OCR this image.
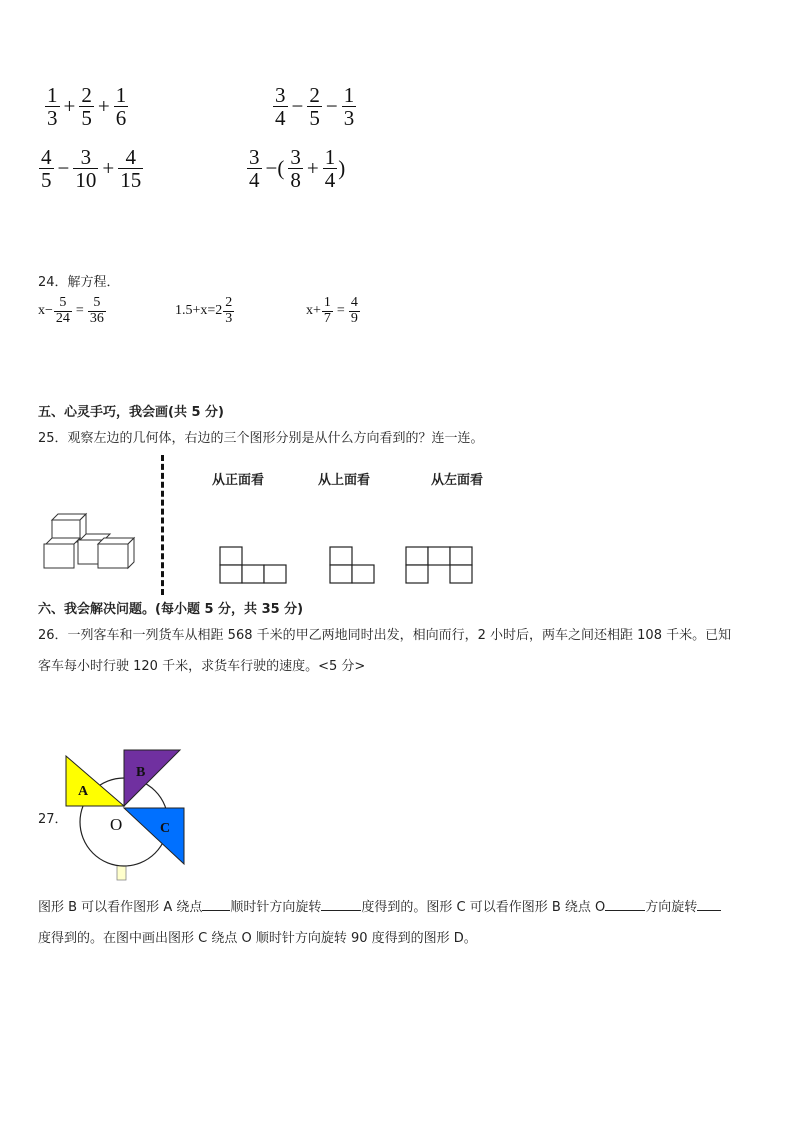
$\frac{1}{3} + \frac{2}{5} + \frac{1}{6}$	$\frac{3}{4} - \frac{2}{5} - \frac{1}{3}$
$\frac{4}{5} - \frac{3}{10} + \frac{4}{15}$	$\frac{3}{4}$ −( $\frac{3}{8} + \frac{1}{4}$ )
24．解方程．
$x- \frac{5}{24} = \frac{5}{36}$	$1.5+x=2 \frac{2}{3}$	$x+ \frac{1}{7} = \frac{4}{9}$
五、心灵手巧，我会画(共 5 分)
25．观察左边的几何体，右边的三个图形分别是从什么方向看到的？连一连。
从正面看	从上面看	从左面看
六、我会解决问题。(每小题 5 分，共 35 分)
26．一列客车和一列货车从相距 568 千米的甲乙两地同时出发，相向而行，2 小时后，两车之间还相距 108 千米。已知
客车每小时行驶 120 千米，求货车行驶的速度。<5 分>
27．
A
B
C
O
图形 B 可以看作图形 A 绕点 顺时针方向旋转	度得到的。图形 C 可以看作图形 B 绕点 O	方向旋转
度得到的。在图中画出图形 C 绕点 O 顺时针方向旋转 90 度得到的图形 D。
